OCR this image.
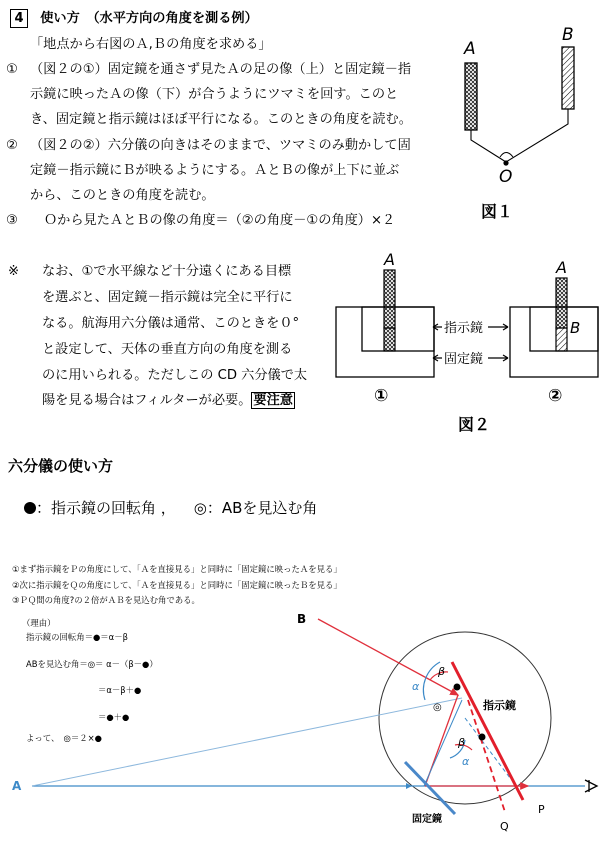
4 使い方　（水平方向の角度を測る例）
「地点から右図のＡ,Ｂの角度を求める」
① （図２の①）固定鏡を通さず見たＡの足の像（上）と固定鏡－指
示鏡に映ったＡの像（下）が合うようにツマミを回す。このと
き、固定鏡と指示鏡はほぼ平行になる。このときの角度を読む。
② （図２の②）六分儀の向きはそのままで、ツマミのみ動かして固
定鏡－指示鏡にＢが映るようにする。ＡとＢの像が上下に並ぶ
から、このときの角度を読む。
③ Ｏから見たＡとＢの像の角度＝（②の角度－①の角度）×２
※ なお、①で水平線など十分遠くにある目標
を選ぶと、固定鏡－指示鏡は完全に平行に
なる。航海用六分儀は通常、このときを０°
と設定して、天体の垂直方向の角度を測る
のに用いられる。ただしこの CD 六分儀で太
陽を見る場合はフィルターが必要。 要注意
A
B
O
図１
A
指示鏡
固定鏡
A
B
①	②
図２
六分儀の使い方
：指示鏡の回転角 ， ◎ ：ABを見込む角
①まず指示鏡をＰの角度にして、「Ａを直接見る」と同時に「固定鏡に映ったＡを見る」
②次に指示鏡をＱの角度にして、「Ａを直接見る」と同時に「固定鏡に映ったＢを見る」
③ＰＱ間の角度?の２倍がＡＢを見込む角である。
（理由）
指示鏡の回転角＝●＝α－β
ABを見込む角＝◎＝ α－（β－●）
＝α－β＋●
＝●＋●
よって、　◎＝２×●
B
A
P
Q
指示鏡
固定鏡
α
α
β
β
◎
